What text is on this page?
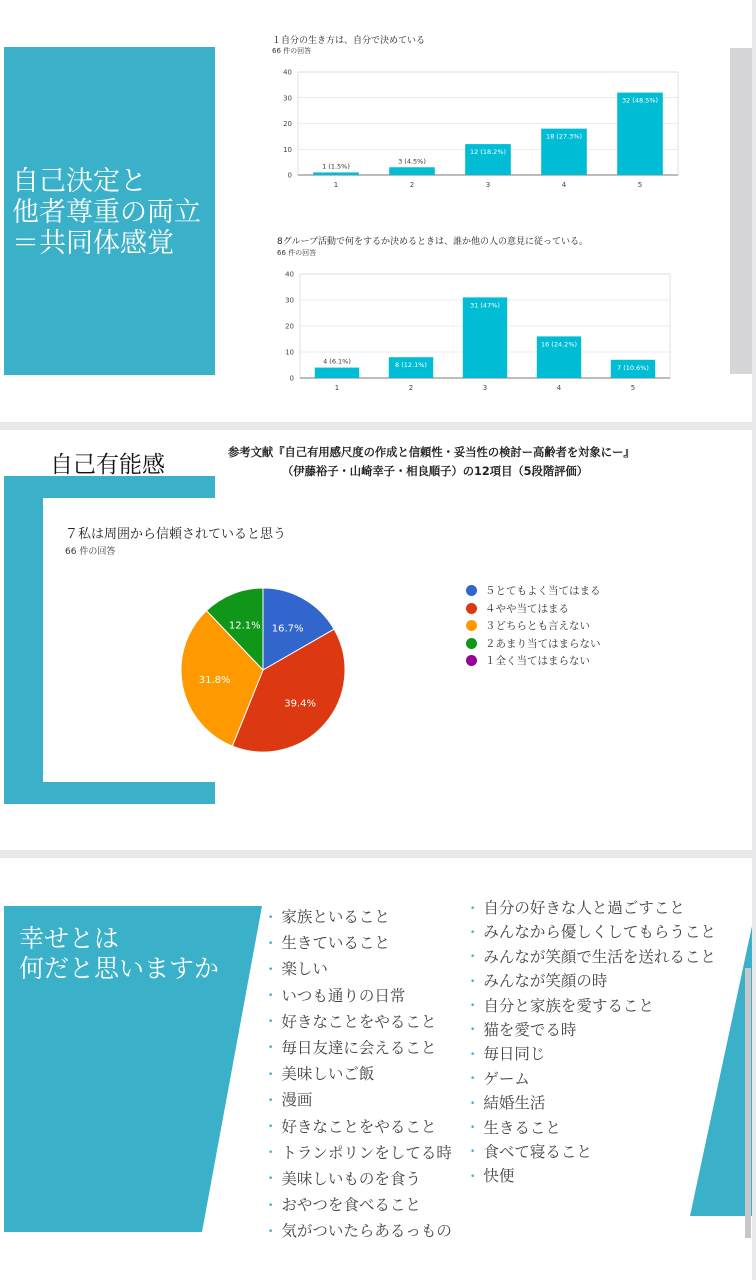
自己決定と
他者尊重の両立
＝共同体感覚
１自分の生き方は、自分で決めている
66 件の回答
0
10
20
30
40
1 (1.5%)
1
3 (4.5%)
2
12 (18.2%)
3
18 (27.3%)
4
32 (48.5%)
5
8グループ活動で何をするか決めるときは、誰か他の人の意見に従っている。
66 件の回答
0
10
20
30
40
4 (6.1%)
1
8 (12.1%)
2
31 (47%)
3
16 (24.2%)
4
7 (10.6%)
5
自己有能感	参考文献『自己有用感尺度の作成と信頼性・妥当性の検討ー高齢者を対象にー』
（伊藤裕子・山崎幸子・相良順子）の12項目（5段階評価）
７私は周囲から信頼されていると思う
66 件の回答
16.7%
39.4%
31.8%
12.1%
５とてもよく当てはまる
４やや当てはまる
３どちらとも言えない
２あまり当てはまらない
１全く当てはまらない
幸せとは
何だと思いますか
• 家族といること
• 生きていること
• 楽しい
• いつも通りの日常
• 好きなことをやること
• 毎日友達に会えること
• 美味しいご飯
• 漫画
• 好きなことをやること
• トランポリンをしてる時
• 美味しいものを食う
• おやつを食べること
• 気がついたらあるっもの
• 自分の好きな人と過ごすこと
• みんなから優しくしてもらうこと
• みんなが笑顔で生活を送れること
• みんなが笑顔の時
• 自分と家族を愛すること
• 猫を愛でる時
• 毎日同じ
• ゲーム
• 結婚生活
• 生きること
• 食べて寝ること
• 快便
